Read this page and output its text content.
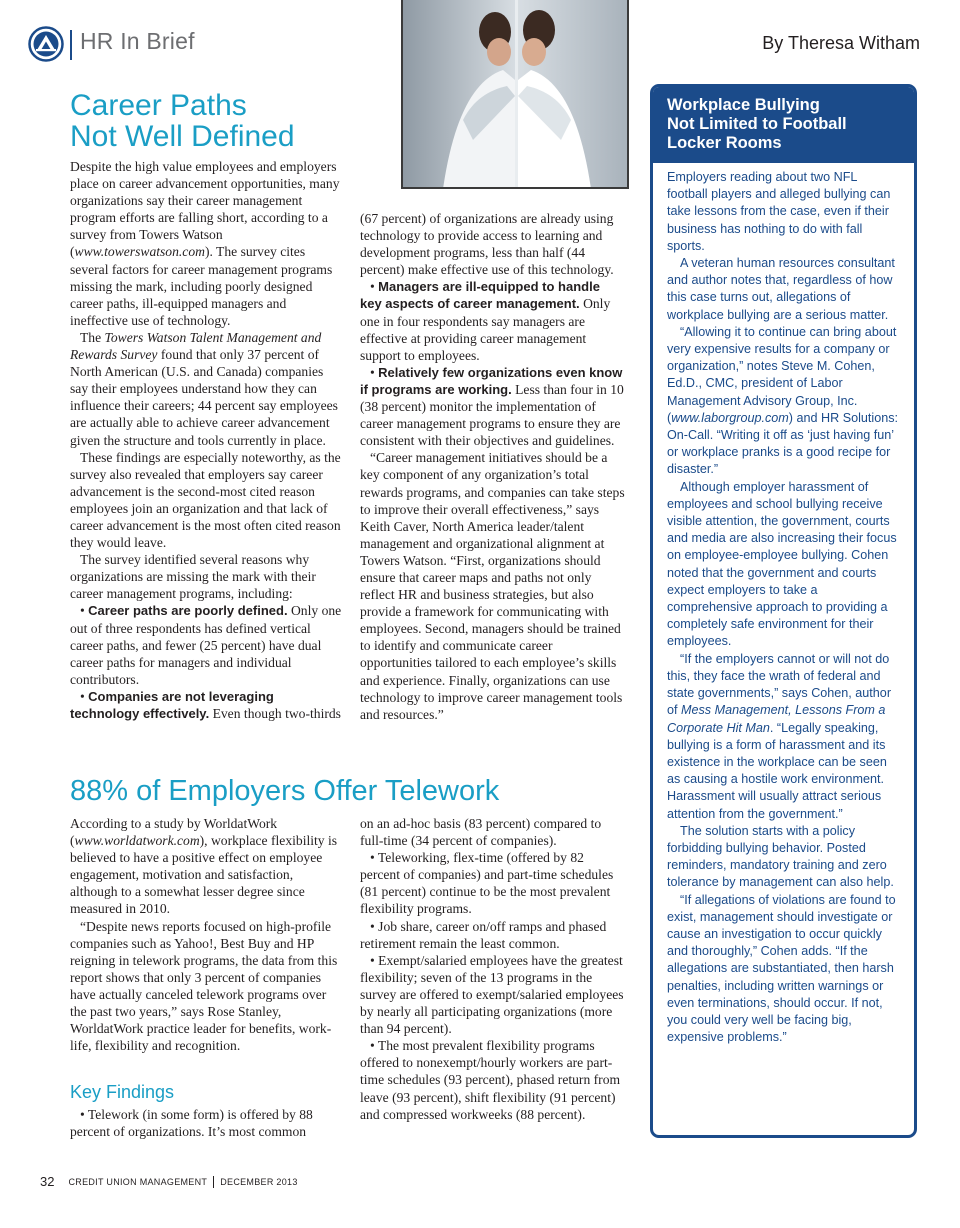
HR In Brief	By Theresa Witham
Career Paths
Not Well Defined

Despite the high value employees and employers place on career advancement opportunities, many organizations say their career management program efforts are falling short, according to a survey from Towers Watson (www.towerswatson.com). The survey cites several factors for career management programs missing the mark, including poorly designed career paths, ill-equipped managers and ineffective use of technology.

The Towers Watson Talent Management and Rewards Survey found that only 37 percent of North American (U.S. and Canada) companies say their employees understand how they can influence their careers; 44 percent say employees are actually able to achieve career advancement given the structure and tools currently in place.

These findings are especially noteworthy, as the survey also revealed that employers say career advancement is the second-most cited reason employees join an organization and that lack of career advancement is the most often cited reason they would leave.

The survey identified several reasons why organizations are missing the mark with their career management programs, including:

• Career paths are poorly defined. Only one out of three respondents has defined vertical career paths, and fewer (25 percent) have dual career paths for managers and individual contributors.

• Companies are not leveraging technology effectively. Even though two-thirds

(67 percent) of organizations are already using technology to provide access to learning and development programs, less than half (44 percent) make effective use of this technology.

• Managers are ill-equipped to handle key aspects of career management. Only one in four respondents say managers are effective at providing career management support to employees.

• Relatively few organizations even know if programs are working. Less than four in 10 (38 percent) monitor the implementation of career management programs to ensure they are consistent with their objectives and guidelines.

“Career management initiatives should be a key component of any organization’s total rewards programs, and companies can take steps to improve their overall effectiveness,” says Keith Caver, North America leader/talent management and organizational alignment at Towers Watson. “First, organizations should ensure that career maps and paths not only reflect HR and business strategies, but also provide a framework for communicating with employees. Second, managers should be trained to identify and communicate career opportunities tailored to each employee’s skills and experience. Finally, organizations can use technology to improve career management tools and resources.”

88% of Employers Offer Telework

According to a study by WorldatWork (www.worldatwork.com), workplace flexibility is believed to have a positive effect on employee engagement, motivation and satisfaction, although to a somewhat lesser degree since measured in 2010.

“Despite news reports focused on high-profile companies such as Yahoo!, Best Buy and HP reigning in telework programs, the data from this report shows that only 3 percent of companies have actually canceled telework programs over the past two years,” says Rose Stanley, WorldatWork practice leader for benefits, work-life, flexibility and recognition.

Key Findings

• Telework (in some form) is offered by 88 percent of organizations. It’s most common

on an ad-hoc basis (83 percent) compared to full-time (34 percent of companies).

• Teleworking, flex-time (offered by 82 percent of companies) and part-time schedules (81 percent) continue to be the most prevalent flexibility programs.

• Job share, career on/off ramps and phased retirement remain the least common.

• Exempt/salaried employees have the greatest flexibility; seven of the 13 programs in the survey are offered to exempt/salaried employees by nearly all participating organizations (more than 94 percent).

• The most prevalent flexibility programs offered to nonexempt/hourly workers are part-time schedules (93 percent), phased return from leave (93 percent), shift flexibility (91 percent) and compressed workweeks (88 percent).

Workplace Bullying
Not Limited to Football
Locker Rooms

Employers reading about two NFL football players and alleged bullying can take lessons from the case, even if their business has nothing to do with fall sports.

A veteran human resources consultant and author notes that, regardless of how this case turns out, allegations of workplace bullying are a serious matter.

“Allowing it to continue can bring about very expensive results for a company or organization,” notes Steve M. Cohen, Ed.D., CMC, president of Labor Management Advisory Group, Inc. (www.laborgroup.com) and HR Solutions: On-Call. “Writing it off as ‘just having fun’ or workplace pranks is a good recipe for disaster.”

Although employer harassment of employees and school bullying receive visible attention, the government, courts and media are also increasing their focus on employee-employee bullying. Cohen noted that the government and courts expect employers to take a comprehensive approach to providing a completely safe environment for their employees.

“If the employers cannot or will not do this, they face the wrath of federal and state governments,” says Cohen, author of Mess Management, Lessons From a Corporate Hit Man. “Legally speaking, bullying is a form of harassment and its existence in the workplace can be seen as causing a hostile work environment. Harassment will usually attract serious attention from the government.”

The solution starts with a policy forbidding bullying behavior. Posted reminders, mandatory training and zero tolerance by management can also help.

“If allegations of violations are found to exist, management should investigate or cause an investigation to occur quickly and thoroughly,” Cohen adds. “If the allegations are substantiated, then harsh penalties, including written warnings or even terminations, should occur. If not, you could very well be facing big, expensive problems.”

32 CREDIT UNION MANAGEMENT DECEMBER 2013
